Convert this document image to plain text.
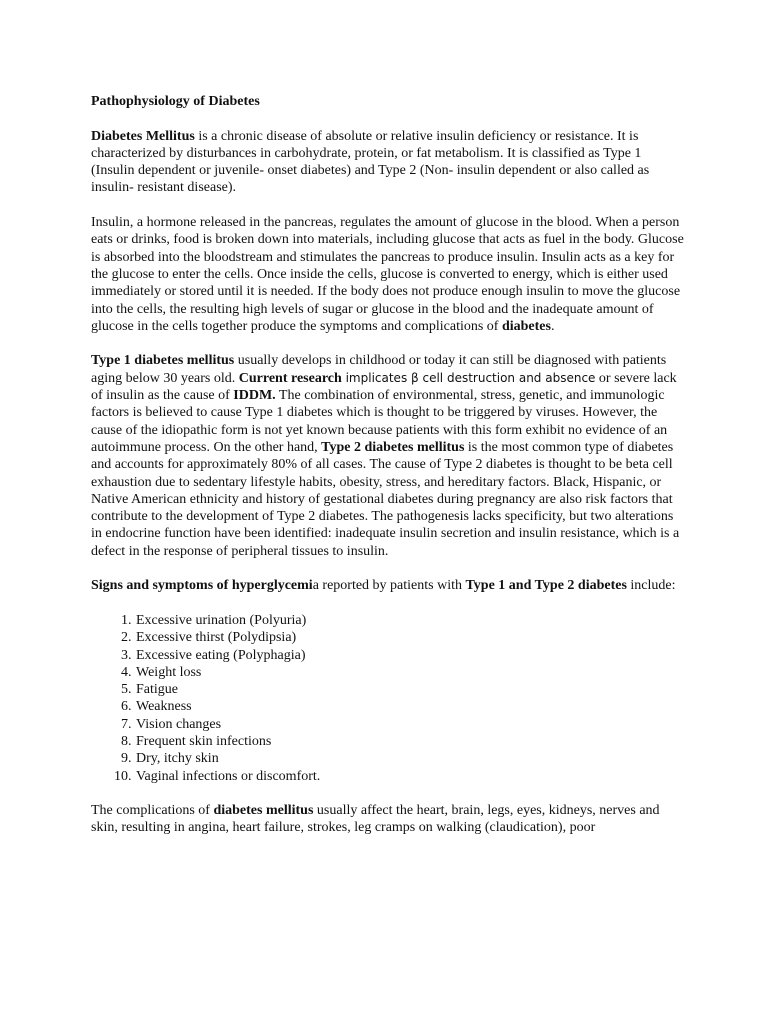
Pathophysiology of Diabetes

Diabetes Mellitus is a chronic disease of absolute or relative insulin deficiency or resistance. It is characterized by disturbances in carbohydrate, protein, or fat metabolism. It is classified as Type 1 (Insulin dependent or juvenile- onset diabetes) and Type 2 (Non- insulin dependent or also called as insulin- resistant disease).

Insulin, a hormone released in the pancreas, regulates the amount of glucose in the blood. When a person eats or drinks, food is broken down into materials, including glucose that acts as fuel in the body. Glucose is absorbed into the bloodstream and stimulates the pancreas to produce insulin. Insulin acts as a key for the glucose to enter the cells. Once inside the cells, glucose is converted to energy, which is either used immediately or stored until it is needed. If the body does not produce enough insulin to move the glucose into the cells, the resulting high levels of sugar or glucose in the blood and the inadequate amount of glucose in the cells together produce the symptoms and complications of diabetes.

Type 1 diabetes mellitus usually develops in childhood or today it can still be diagnosed with patients aging below 30 years old. Current research implicates β cell destruction and absence or severe lack of insulin as the cause of IDDM. The combination of environmental, stress, genetic, and immunologic factors is believed to cause Type 1 diabetes which is thought to be triggered by viruses. However, the cause of the idiopathic form is not yet known because patients with this form exhibit no evidence of an autoimmune process. On the other hand, Type 2 diabetes mellitus is the most common type of diabetes and accounts for approximately 80% of all cases. The cause of Type 2 diabetes is thought to be beta cell exhaustion due to sedentary lifestyle habits, obesity, stress, and hereditary factors. Black, Hispanic, or Native American ethnicity and history of gestational diabetes during pregnancy are also risk factors that contribute to the development of Type 2 diabetes. The pathogenesis lacks specificity, but two alterations in endocrine function have been identified: inadequate insulin secretion and insulin resistance, which is a defect in the response of peripheral tissues to insulin.

Signs and symptoms of hyperglycemia reported by patients with Type 1 and Type 2 diabetes include:

1. Excessive urination (Polyuria)
2. Excessive thirst (Polydipsia)
3. Excessive eating (Polyphagia)
4. Weight loss
5. Fatigue
6. Weakness
7. Vision changes
8. Frequent skin infections
9. Dry, itchy skin
10. Vaginal infections or discomfort.

The complications of diabetes mellitus usually affect the heart, brain, legs, eyes, kidneys, nerves and skin, resulting in angina, heart failure, strokes, leg cramps on walking (claudication), poor
